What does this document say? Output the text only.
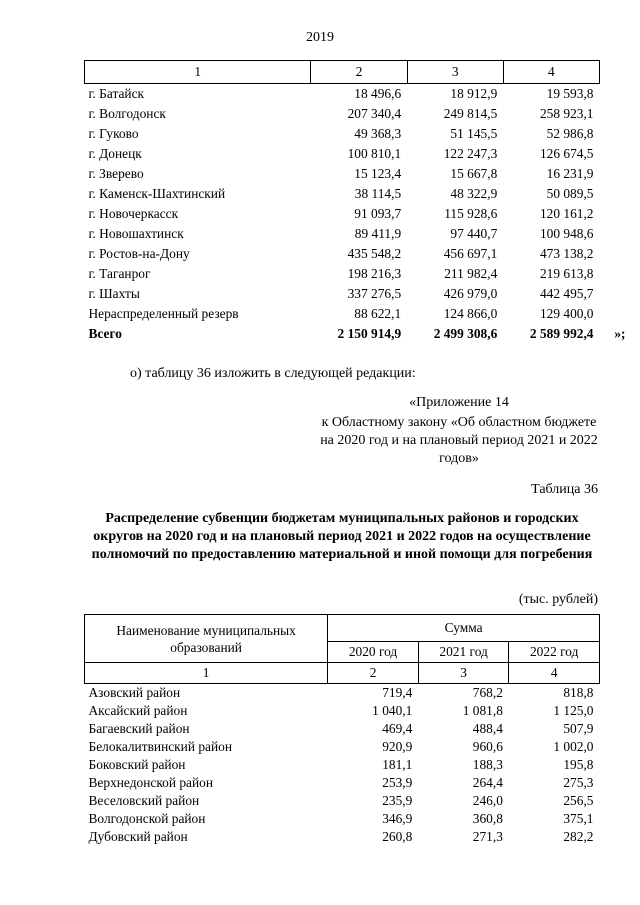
2019
1	2	3	4
г. Батайск	18 496,6	18 912,9	19 593,8
г. Волгодонск	207 340,4	249 814,5	258 923,1
г. Гуково	49 368,3	51 145,5	52 986,8
г. Донецк	100 810,1	122 247,3	126 674,5
г. Зверево	15 123,4	15 667,8	16 231,9
г. Каменск-Шахтинский	38 114,5	48 322,9	50 089,5
г. Новочеркасск	91 093,7	115 928,6	120 161,2
г. Новошахтинск	89 411,9	97 440,7	100 948,6
г. Ростов-на-Дону	435 548,2	456 697,1	473 138,2
г. Таганрог	198 216,3	211 982,4	219 613,8
г. Шахты	337 276,5	426 979,0	442 495,7
Нераспределенный резерв	88 622,1	124 866,0	129 400,0
Всего	2 150 914,9	2 499 308,6	2 589 992,4 »;
о) таблицу 36 изложить в следующей редакции:
«Приложение 14
к Областному закону «Об областном бюджете на 2020 год и на плановый период 2021 и 2022 годов»
Таблица 36
Распределение субвенции бюджетам муниципальных районов и городских округов на 2020 год и на плановый период 2021 и 2022 годов на осуществление полномочий по предоставлению материальной и иной помощи для погребения
(тыс. рублей)
Наименование муниципальных образований	Сумма		
	2020 год	2021 год	2022 год
1	2	3	4
Азовский район	719,4	768,2	818,8
Аксайский район	1 040,1	1 081,8	1 125,0
Багаевский район	469,4	488,4	507,9
Белокалитвинский район	920,9	960,6	1 002,0
Боковский район	181,1	188,3	195,8
Верхнедонской район	253,9	264,4	275,3
Веселовский район	235,9	246,0	256,5
Волгодонской район	346,9	360,8	375,1
Дубовский район	260,8	271,3	282,2
